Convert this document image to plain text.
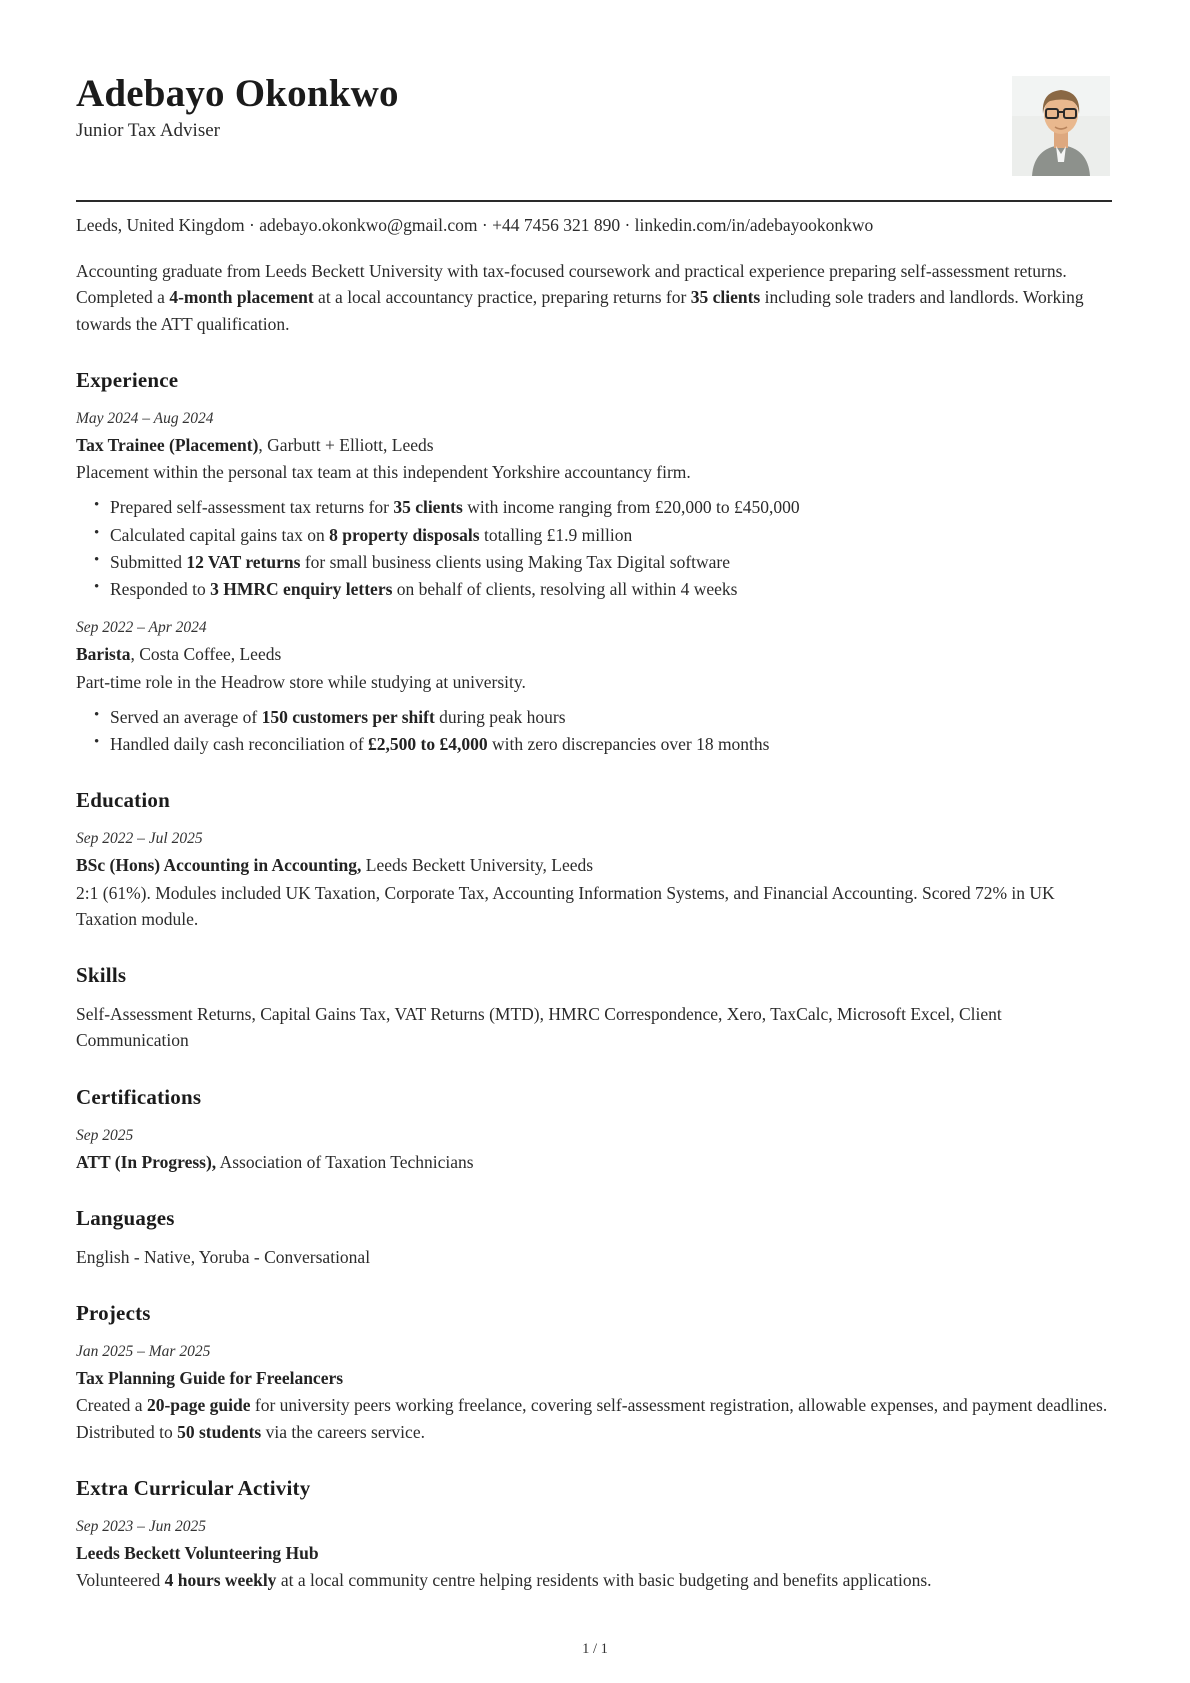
Adebayo Okonkwo
Junior Tax Adviser
Leeds, United Kingdom · adebayo.okonkwo@gmail.com · +44 7456 321 890 · linkedin.com/in/adebayookonkwo

Accounting graduate from Leeds Beckett University with tax-focused coursework and practical experience preparing self-assessment returns. Completed a 4-month placement at a local accountancy practice, preparing returns for 35 clients including sole traders and landlords. Working towards the ATT qualification.

Experience
May 2024 – Aug 2024
Tax Trainee (Placement), Garbutt + Elliott, Leeds
Placement within the personal tax team at this independent Yorkshire accountancy firm.
• Prepared self-assessment tax returns for 35 clients with income ranging from £20,000 to £450,000
• Calculated capital gains tax on 8 property disposals totalling £1.9 million
• Submitted 12 VAT returns for small business clients using Making Tax Digital software
• Responded to 3 HMRC enquiry letters on behalf of clients, resolving all within 4 weeks
Sep 2022 – Apr 2024
Barista, Costa Coffee, Leeds
Part-time role in the Headrow store while studying at university.
• Served an average of 150 customers per shift during peak hours
• Handled daily cash reconciliation of £2,500 to £4,000 with zero discrepancies over 18 months
Education
Sep 2022 – Jul 2025
BSc (Hons) Accounting in Accounting, Leeds Beckett University, Leeds
2:1 (61%). Modules included UK Taxation, Corporate Tax, Accounting Information Systems, and Financial Accounting. Scored 72% in UK Taxation module.
Skills
Self-Assessment Returns, Capital Gains Tax, VAT Returns (MTD), HMRC Correspondence, Xero, TaxCalc, Microsoft Excel, Client Communication
Certifications
Sep 2025
ATT (In Progress), Association of Taxation Technicians
Languages
English - Native, Yoruba - Conversational
Projects
Jan 2025 – Mar 2025
Tax Planning Guide for Freelancers
Created a 20-page guide for university peers working freelance, covering self-assessment registration, allowable expenses, and payment deadlines. Distributed to 50 students via the careers service.
Extra Curricular Activity
Sep 2023 – Jun 2025
Leeds Beckett Volunteering Hub
Volunteered 4 hours weekly at a local community centre helping residents with basic budgeting and benefits applications.
1 / 1
